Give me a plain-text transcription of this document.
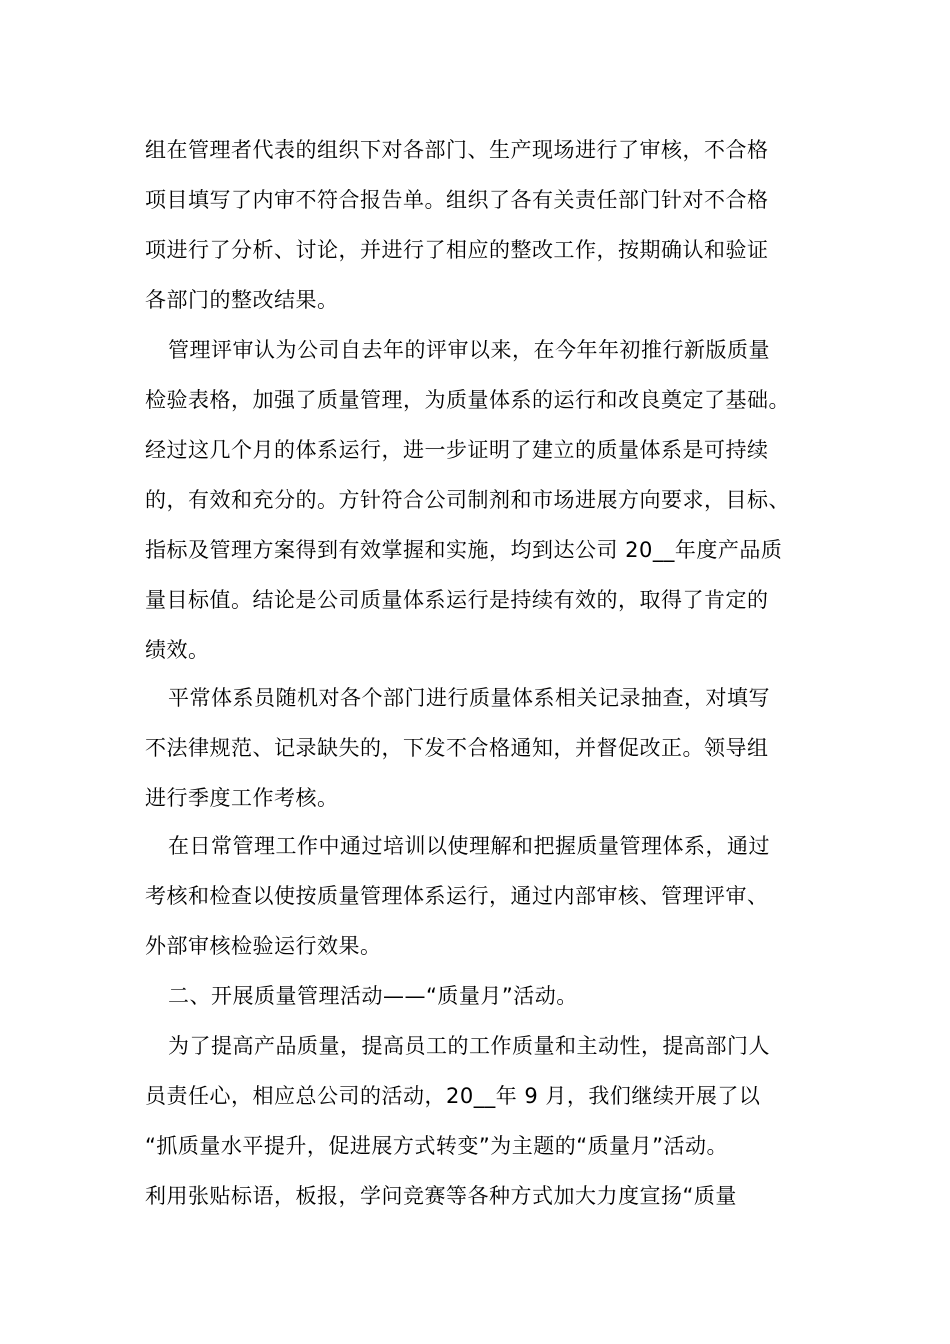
组在管理者代表的组织下对各部门、生产现场进行了审核，不合格
项目填写了内审不符合报告单。组织了各有关责任部门针对不合格
项进行了分析、讨论，并进行了相应的整改工作，按期确认和验证
各部门的整改结果。
管理评审认为公司自去年的评审以来，在今年年初推行新版质量
检验表格，加强了质量管理，为质量体系的运行和改良奠定了基础。
经过这几个月的体系运行，进一步证明了建立的质量体系是可持续
的，有效和充分的。方针符合公司制剂和市场进展方向要求，目标、
指标及管理方案得到有效掌握和实施，均到达公司 20__年度产品质
量目标值。结论是公司质量体系运行是持续有效的，取得了肯定的
绩效。
平常体系员随机对各个部门进行质量体系相关记录抽查，对填写
不法律规范、记录缺失的，下发不合格通知，并督促改正。领导组
进行季度工作考核。
在日常管理工作中通过培训以使理解和把握质量管理体系，通过
考核和检查以使按质量管理体系运行，通过内部审核、管理评审、
外部审核检验运行效果。
二、开展质量管理活动——“质量月”活动。
为了提高产品质量，提高员工的工作质量和主动性，提高部门人
员责任心，相应总公司的活动，20__年 9 月，我们继续开展了以
“抓质量水平提升，促进展方式转变”为主题的“质量月”活动。
利用张贴标语，板报，学问竞赛等各种方式加大力度宣扬“质量
